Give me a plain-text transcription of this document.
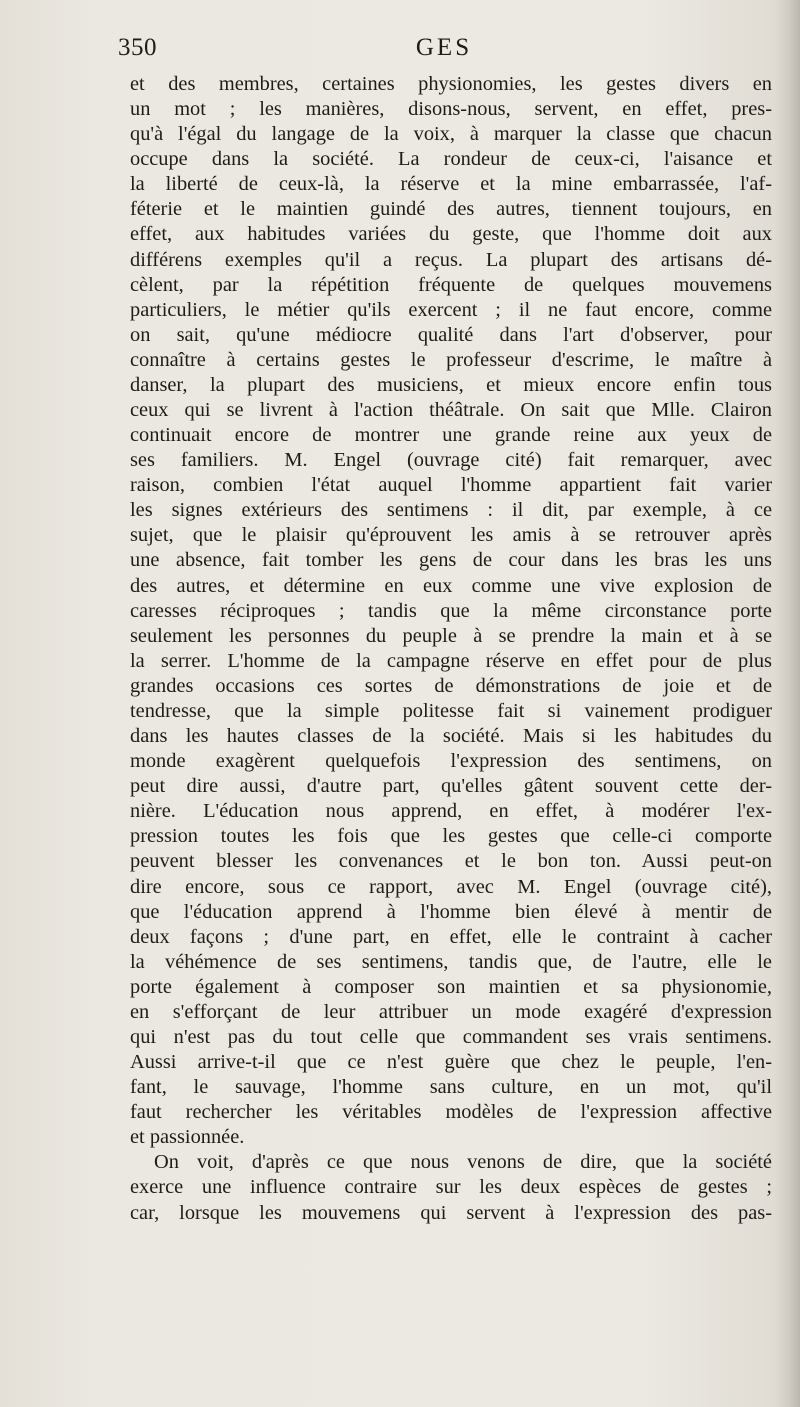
350	GES

et des membres, certaines physionomies, les gestes divers en

un mot ; les manières, disons-nous, servent, en effet, pres-

qu'à l'égal du langage de la voix, à marquer la classe que chacun

occupe dans la société. La rondeur de ceux-ci, l'aisance et

la liberté de ceux-là, la réserve et la mine embarrassée, l'af-

féterie et le maintien guindé des autres, tiennent toujours, en

effet, aux habitudes variées du geste, que l'homme doit aux

différens exemples qu'il a reçus. La plupart des artisans dé-

cèlent, par la répétition fréquente de quelques mouvemens

particuliers, le métier qu'ils exercent ; il ne faut encore, comme

on sait, qu'une médiocre qualité dans l'art d'observer, pour

connaître à certains gestes le professeur d'escrime, le maître à

danser, la plupart des musiciens, et mieux encore enfin tous

ceux qui se livrent à l'action théâtrale. On sait que Mlle. Clairon

continuait encore de montrer une grande reine aux yeux de

ses familiers. M. Engel (ouvrage cité) fait remarquer, avec

raison, combien l'état auquel l'homme appartient fait varier

les signes extérieurs des sentimens : il dit, par exemple, à ce

sujet, que le plaisir qu'éprouvent les amis à se retrouver après

une absence, fait tomber les gens de cour dans les bras les uns

des autres, et détermine en eux comme une vive explosion de

caresses réciproques ; tandis que la même circonstance porte

seulement les personnes du peuple à se prendre la main et à se

la serrer. L'homme de la campagne réserve en effet pour de plus

grandes occasions ces sortes de démonstrations de joie et de

tendresse, que la simple politesse fait si vainement prodiguer

dans les hautes classes de la société. Mais si les habitudes du

monde exagèrent quelquefois l'expression des sentimens, on

peut dire aussi, d'autre part, qu'elles gâtent souvent cette der-

nière. L'éducation nous apprend, en effet, à modérer l'ex-

pression toutes les fois que les gestes que celle-ci comporte

peuvent blesser les convenances et le bon ton. Aussi peut-on

dire encore, sous ce rapport, avec M. Engel (ouvrage cité),

que l'éducation apprend à l'homme bien élevé à mentir de

deux façons ; d'une part, en effet, elle le contraint à cacher

la véhémence de ses sentimens, tandis que, de l'autre, elle le

porte également à composer son maintien et sa physionomie,

en s'efforçant de leur attribuer un mode exagéré d'expression

qui n'est pas du tout celle que commandent ses vrais sentimens.

Aussi arrive-t-il que ce n'est guère que chez le peuple, l'en-

fant, le sauvage, l'homme sans culture, en un mot, qu'il

faut rechercher les véritables modèles de l'expression affective

et passionnée.

On voit, d'après ce que nous venons de dire, que la société

exerce une influence contraire sur les deux espèces de gestes ;

car, lorsque les mouvemens qui servent à l'expression des pas-
